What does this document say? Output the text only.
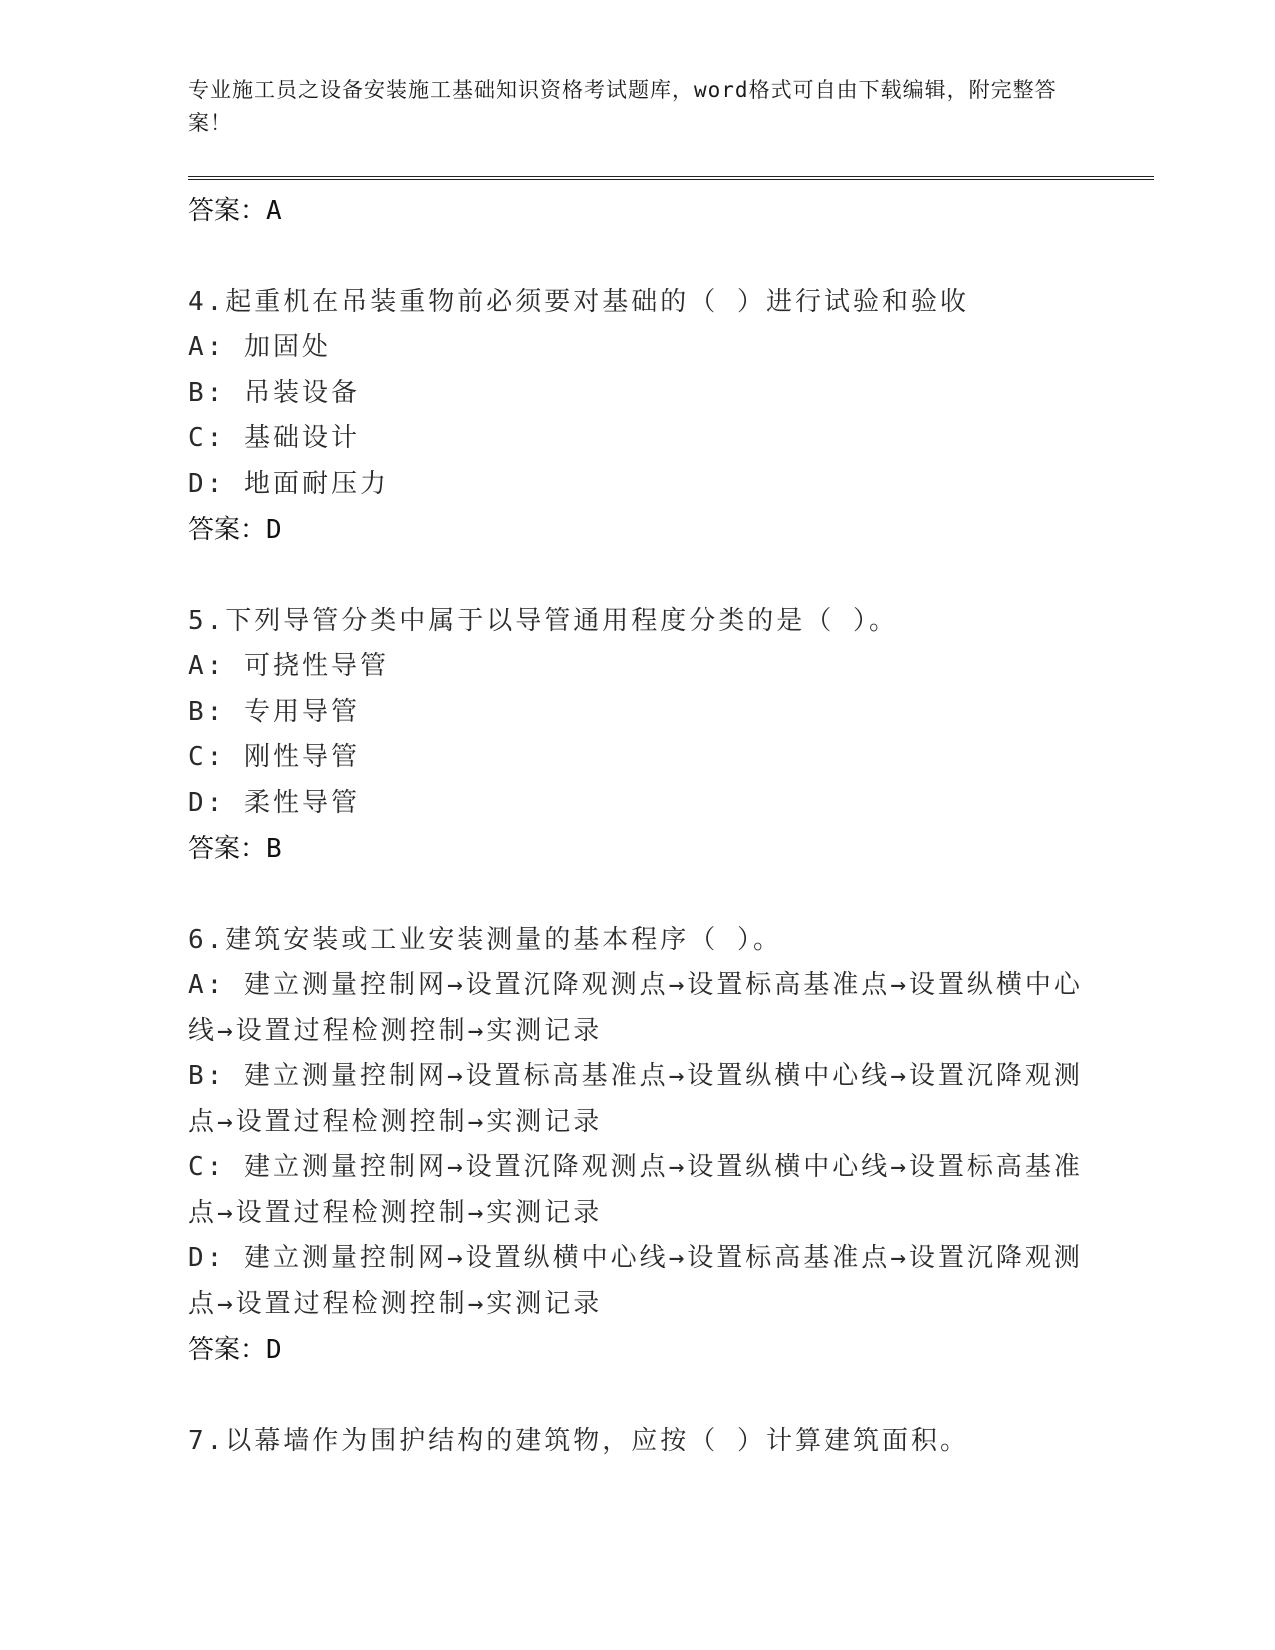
专业施工员之设备安装施工基础知识资格考试题库，word格式可自由下载编辑，附完整答案！
答案：A
4.起重机在吊装重物前必须要对基础的（ ）进行试验和验收
A: 加固处
B: 吊装设备
C: 基础设计
D: 地面耐压力
答案：D
5.下列导管分类中属于以导管通用程度分类的是（ ）。
A: 可挠性导管
B: 专用导管
C: 刚性导管
D: 柔性导管
答案：B
6.建筑安装或工业安装测量的基本程序（ ）。
A: 建立测量控制网→设置沉降观测点→设置标高基准点→设置纵横中心线→设置过程检测控制→实测记录
B: 建立测量控制网→设置标高基准点→设置纵横中心线→设置沉降观测点→设置过程检测控制→实测记录
C: 建立测量控制网→设置沉降观测点→设置纵横中心线→设置标高基准点→设置过程检测控制→实测记录
D: 建立测量控制网→设置纵横中心线→设置标高基准点→设置沉降观测点→设置过程检测控制→实测记录
答案：D
7.以幕墙作为围护结构的建筑物，应按（ ）计算建筑面积。
